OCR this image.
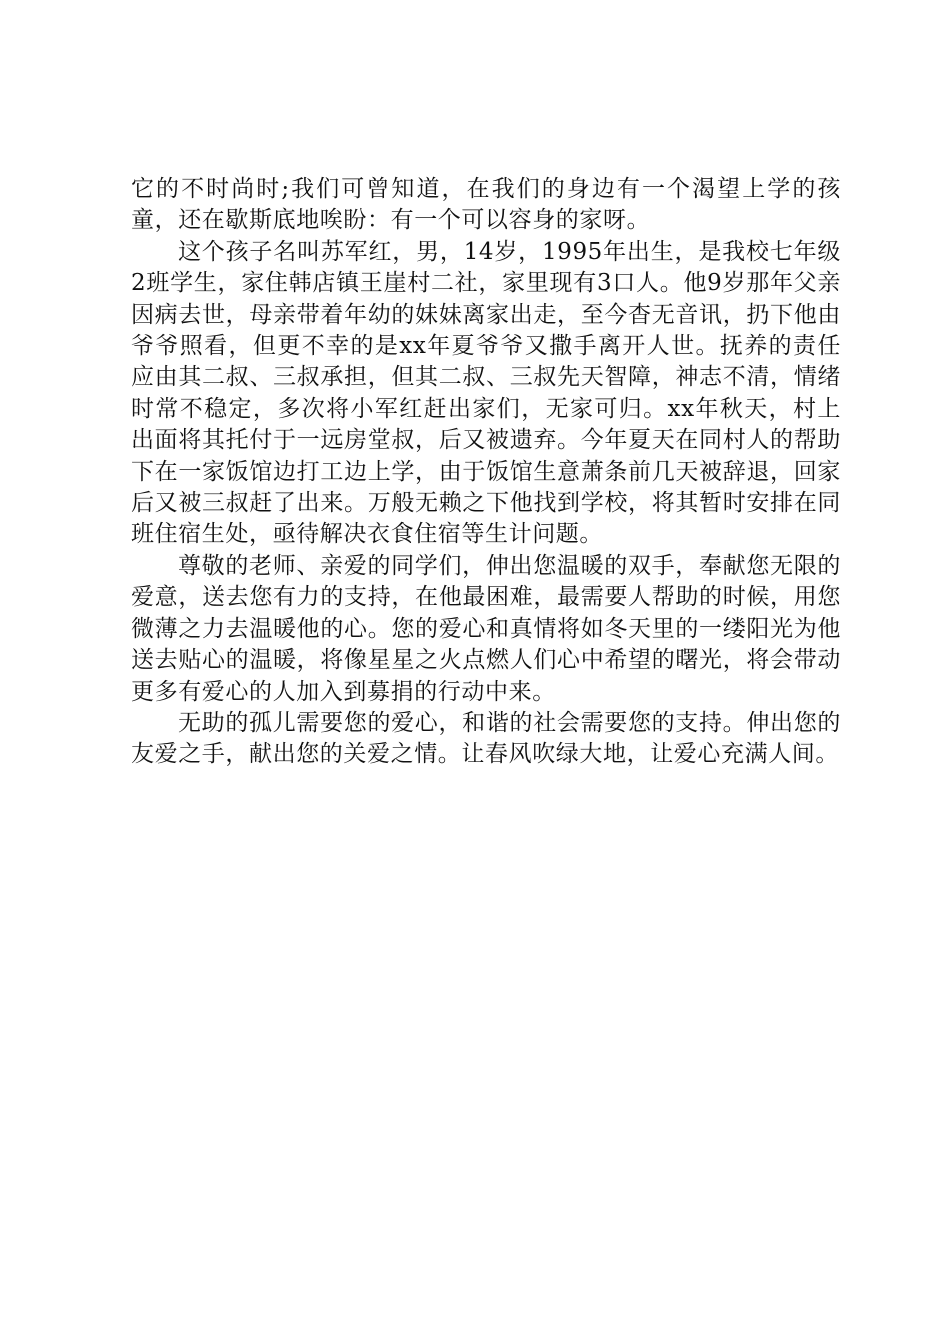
它的不时尚时;我们可曾知道，在我们的身边有一个渴望上学的孩童，还在歇斯底地唉盼：有一个可以容身的家呀。

这个孩子名叫苏军红，男，14岁，1995年出生，是我校七年级2班学生，家住韩店镇王崖村二社，家里现有3口人。他9岁那年父亲因病去世，母亲带着年幼的妹妹离家出走，至今杳无音讯，扔下他由爷爷照看，但更不幸的是xx年夏爷爷又撒手离开人世。抚养的责任应由其二叔、三叔承担，但其二叔、三叔先天智障，神志不清，情绪时常不稳定，多次将小军红赶出家们，无家可归。xx年秋天，村上出面将其托付于一远房堂叔，后又被遗弃。今年夏天在同村人的帮助下在一家饭馆边打工边上学，由于饭馆生意萧条前几天被辞退，回家后又被三叔赶了出来。万般无赖之下他找到学校，将其暂时安排在同班住宿生处，亟待解决衣食住宿等生计问题。

尊敬的老师、亲爱的同学们，伸出您温暖的双手，奉献您无限的爱意，送去您有力的支持，在他最困难，最需要人帮助的时候，用您微薄之力去温暖他的心。您的爱心和真情将如冬天里的一缕阳光为他送去贴心的温暖，将像星星之火点燃人们心中希望的曙光，将会带动更多有爱心的人加入到募捐的行动中来。

无助的孤儿需要您的爱心，和谐的社会需要您的支持。伸出您的友爱之手，献出您的关爱之情。让春风吹绿大地，让爱心充满人间。
